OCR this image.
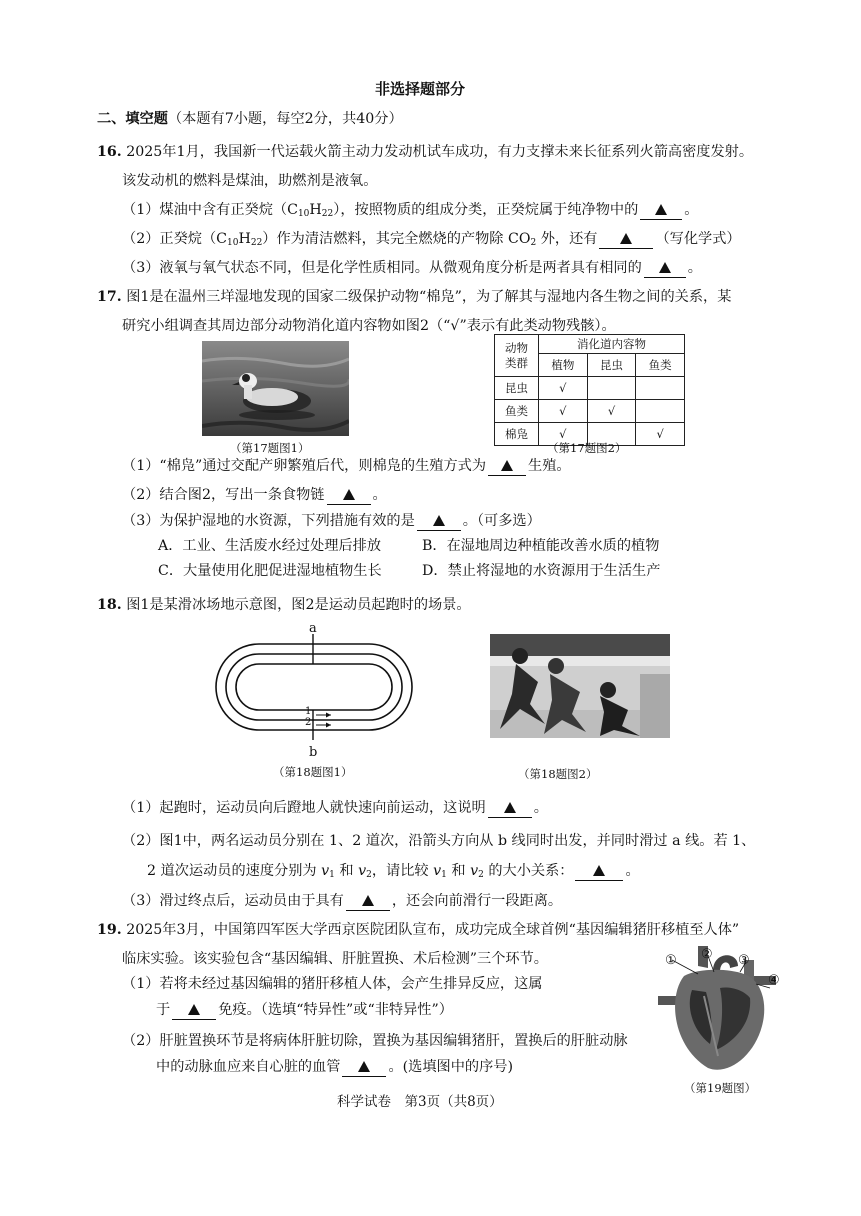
非选择题部分
二、填空题（本题有7小题，每空2分，共40分）
16. 2025年1月，我国新一代运载火箭主动力发动机试车成功，有力支撑未来长征系列火箭高密度发射。
该发动机的燃料是煤油，助燃剂是液氧。
（1）煤油中含有正癸烷$(C_{10}H_{22})$，按照物质的组成分类，正癸烷属于纯净物中的	。
（2）正癸烷$(C_{10}H_{22})$作为清洁燃料，其完全燃烧的产物除 $CO_2$ 外，还有	（写化学式）
（3）液氧与氧气状态不同，但是化学性质相同。从微观角度分析是两者具有相同的	。
17. 图1是在温州三垟湿地发现的国家二级保护动物“棉凫”，为了解其与湿地内各生物之间的关系，某
研究小组调查其周边部分动物消化道内容物如图2（“√”表示有此类动物残骸）。
（第17题图1）
动物
类群	消化道内容物		
	植物	昆虫	鱼类
昆虫	√		
鱼类	√	√	
棉凫	√		√
（第17题图2）
（1）“棉凫”通过交配产卵繁殖后代，则棉凫的生殖方式为	生殖。
（2）结合图2，写出一条食物链	。
（3）为保护湿地的水资源，下列措施有效的是	。（可多选）
A．工业、生活废水经过处理后排放	B．在湿地周边种植能改善水质的植物
C．大量使用化肥促进湿地植物生长	D．禁止将湿地的水资源用于生活生产
18. 图1是某滑冰场地示意图，图2是运动员起跑时的场景。
a
b
1
2
（第18题图1）	（第18题图2）
（1）起跑时，运动员向后蹬地人就快速向前运动，这说明	。
（2）图1中，两名运动员分别在 1、2 道次，沿箭头方向从 b 线同时出发，并同时滑过 a 线。若 1、
2 道次运动员的速度分别为 $v_1$ 和 $v_2$，请比较 $v_1$ 和 $v_2$ 的大小关系：	。
（3）滑过终点后，运动员由于具有	，还会向前滑行一段距离。
19. 2025年3月，中国第四军医大学西京医院团队宣布，成功完成全球首例“基因编辑猪肝移植至人体”
临床实验。该实验包含“基因编辑、肝脏置换、术后检测”三个环节。
（1）若将未经过基因编辑的猪肝移植人体，会产生排异反应，这属
于	免疫。（选填“特异性”或“非特异性”）
（2）肝脏置换环节是将病体肝脏切除，置换为基因编辑猪肝，置换后的肝脏动脉
中的动脉血应来自心脏的血管	。(选填图中的序号)
① ② ③
④
（第19题图）
科学试卷　第3页（共8页）
